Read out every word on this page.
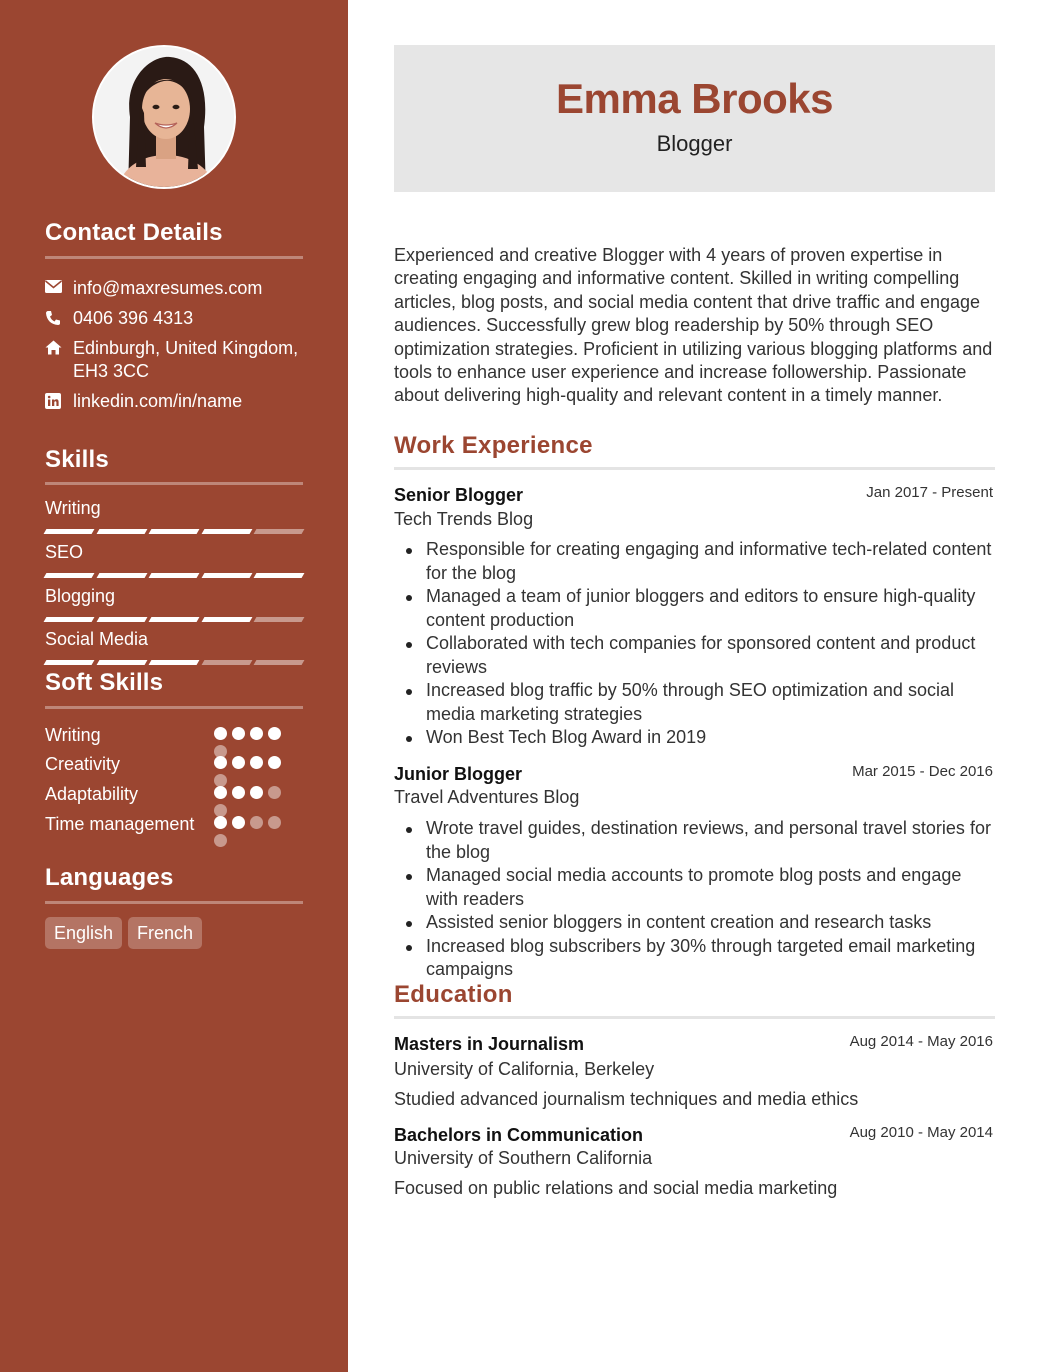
Contact Details
info@maxresumes.com
0406 396 4313
Edinburgh, United Kingdom, EH3 3CC
linkedin.com/in/name
Skills
Writing
SEO
Blogging
Social Media
Soft Skills
Writing
Creativity
Adaptability
Time management
Languages
English	French
Emma Brooks
Blogger
Experienced and creative Blogger with 4 years of proven expertise in creating engaging and informative content. Skilled in writing compelling articles, blog posts, and social media content that drive traffic and engage audiences. Successfully grew blog readership by 50% through SEO optimization strategies. Proficient in utilizing various blogging platforms and tools to enhance user experience and increase followership. Passionate about delivering high-quality and relevant content in a timely manner.
Work Experience
Senior Blogger	Jan 2017 - Present
Tech Trends Blog
Responsible for creating engaging and informative tech-related content for the blog
Managed a team of junior bloggers and editors to ensure high-quality content production
Collaborated with tech companies for sponsored content and product reviews
Increased blog traffic by 50% through SEO optimization and social media marketing strategies
Won Best Tech Blog Award in 2019
Junior Blogger	Mar 2015 - Dec 2016
Travel Adventures Blog
Wrote travel guides, destination reviews, and personal travel stories for the blog
Managed social media accounts to promote blog posts and engage with readers
Assisted senior bloggers in content creation and research tasks
Increased blog subscribers by 30% through targeted email marketing campaigns
Education
Masters in Journalism	Aug 2014 - May 2016
University of California, Berkeley
Studied advanced journalism techniques and media ethics
Bachelors in Communication	Aug 2010 - May 2014
University of Southern California
Focused on public relations and social media marketing
